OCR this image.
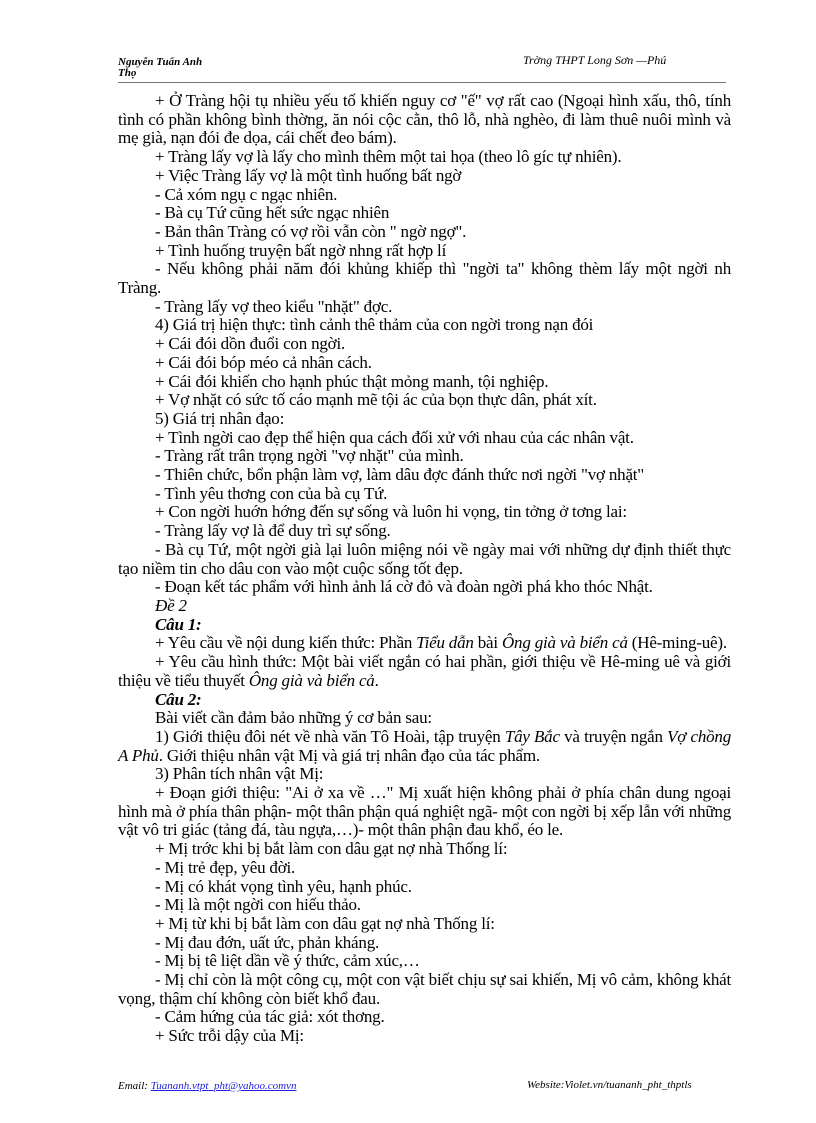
Nguyễn Tuấn Anh
Thọ
Trờng THPT Long Sơn —Phú

+ Ở Tràng hội tụ nhiều yếu tố khiến nguy cơ "ế" vợ rất cao (Ngoại hình xấu, thô, tính tình có phần không bình thờng, ăn nói cộc cằn, thô lỗ, nhà nghèo, đi làm thuê nuôi mình và mẹ già, nạn đói đe dọa, cái chết đeo bám).

+ Tràng lấy vợ là lấy cho mình thêm một tai họa (theo lô gíc tự nhiên).

+ Việc Tràng lấy vợ là một tình huống bất ngờ

- Cả xóm ngụ c ngạc nhiên.

- Bà cụ Tứ cũng hết sức ngạc nhiên

- Bản thân Tràng có vợ rồi vẫn còn " ngờ ngợ".

+ Tình huống truyện bất ngờ nhng rất hợp lí

- Nếu không phải năm đói khủng khiếp thì "ngời ta" không thèm lấy một ngời nh Tràng.

- Tràng lấy vợ theo kiểu "nhặt" đợc.

4) Giá trị hiện thực: tình cảnh thê thảm của con ngời trong nạn đói

+ Cái đói dồn đuổi con ngời.

+ Cái đói bóp méo cả nhân cách.

+ Cái đói khiến cho hạnh phúc thật mỏng manh, tội nghiệp.

+ Vợ nhặt có sức tố cáo mạnh mẽ tội ác của bọn thực dân, phát xít.

5) Giá trị nhân đạo:

+ Tình ngời cao đẹp thể hiện qua cách đối xử với nhau của các nhân vật.

- Tràng rất trân trọng ngời "vợ nhặt" của mình.

- Thiên chức, bổn phận làm vợ, làm dâu đợc đánh thức nơi ngời "vợ nhặt"

- Tình yêu thơng con của bà cụ Tứ.

+ Con ngời huớn hớng đến sự sống và luôn hi vọng, tin tởng ở tơng lai:

- Tràng lấy vợ là để duy trì sự sống.

- Bà cụ Tứ, một ngời già lại luôn miệng nói về ngày mai với những dự định thiết thực tạo niềm tin cho dâu con vào một cuộc sống tốt đẹp.

- Đoạn kết tác phẩm với hình ảnh lá cờ đỏ và đoàn ngời phá kho thóc Nhật.

Đề 2

Câu 1:

+ Yêu cầu về nội dung kiến thức: Phần Tiểu dẫn bài Ông già và biển cả (Hê-ming-uê).

+ Yêu cầu hình thức: Một bài viết ngắn có hai phần, giới thiệu về Hê-ming uê và giới thiệu về tiểu thuyết Ông già và biển cả.

Câu 2:

Bài viết cần đảm bảo những ý cơ bản sau:

1) Giới thiệu đôi nét về nhà văn Tô Hoài, tập truyện Tây Bắc và truyện ngắn Vợ chồng A Phủ. Giới thiệu nhân vật Mị và giá trị nhân đạo của tác phẩm.

3) Phân tích nhân vật Mị:

+ Đoạn giới thiệu: "Ai ở xa về …" Mị xuất hiện không phải ở phía chân dung ngoại hình mà ở phía thân phận- một thân phận quá nghiệt ngã- một con ngời bị xếp lẫn với những vật vô tri giác (tảng đá, tàu ngựa,…)- một thân phận đau khổ, éo le.

+ Mị trớc khi bị bắt làm con dâu gạt nợ nhà Thống lí:

- Mị trẻ đẹp, yêu đời.

- Mị có khát vọng tình yêu, hạnh phúc.

- Mị là một ngời con hiếu thảo.

+ Mị từ khi bị bắt làm con dâu gạt nợ nhà Thống lí:

- Mị đau đớn, uất ức, phản kháng.

- Mị bị tê liệt dần về ý thức, cảm xúc,…

- Mị chỉ còn là một công cụ, một con vật biết chịu sự sai khiến, Mị vô cảm, không khát vọng, thậm chí không còn biết khổ đau.

- Cảm hứng của tác giả: xót thơng.

+ Sức trỗi dậy của Mị:

Email: Tuananh.vtpt_pht@yahoo.comvn	Website:Violet.vn/tuananh_pht_thptls
